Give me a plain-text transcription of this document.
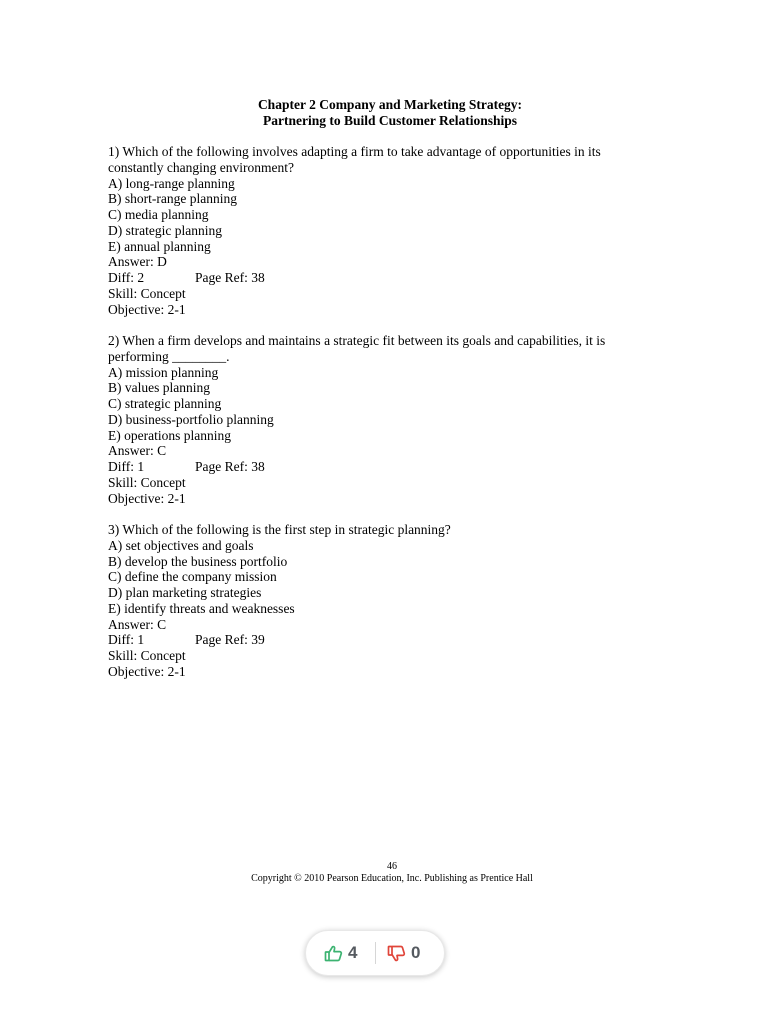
Chapter 2 Company and Marketing Strategy:
Partnering to Build Customer Relationships
1) Which of the following involves adapting a firm to take advantage of opportunities in its
constantly changing environment?
A) long-range planning
B) short-range planning
C) media planning
D) strategic planning
E) annual planning
Answer: D
Diff: 2	Page Ref: 38
Skill: Concept
Objective: 2-1
2) When a firm develops and maintains a strategic fit between its goals and capabilities, it is
performing ________.
A) mission planning
B) values planning
C) strategic planning
D) business-portfolio planning
E) operations planning
Answer: C
Diff: 1	Page Ref: 38
Skill: Concept
Objective: 2-1
3) Which of the following is the first step in strategic planning?
A) set objectives and goals
B) develop the business portfolio
C) define the company mission
D) plan marketing strategies
E) identify threats and weaknesses
Answer: C
Diff: 1	Page Ref: 39
Skill: Concept
Objective: 2-1
46
Copyright © 2010 Pearson Education, Inc. Publishing as Prentice Hall
4	0
